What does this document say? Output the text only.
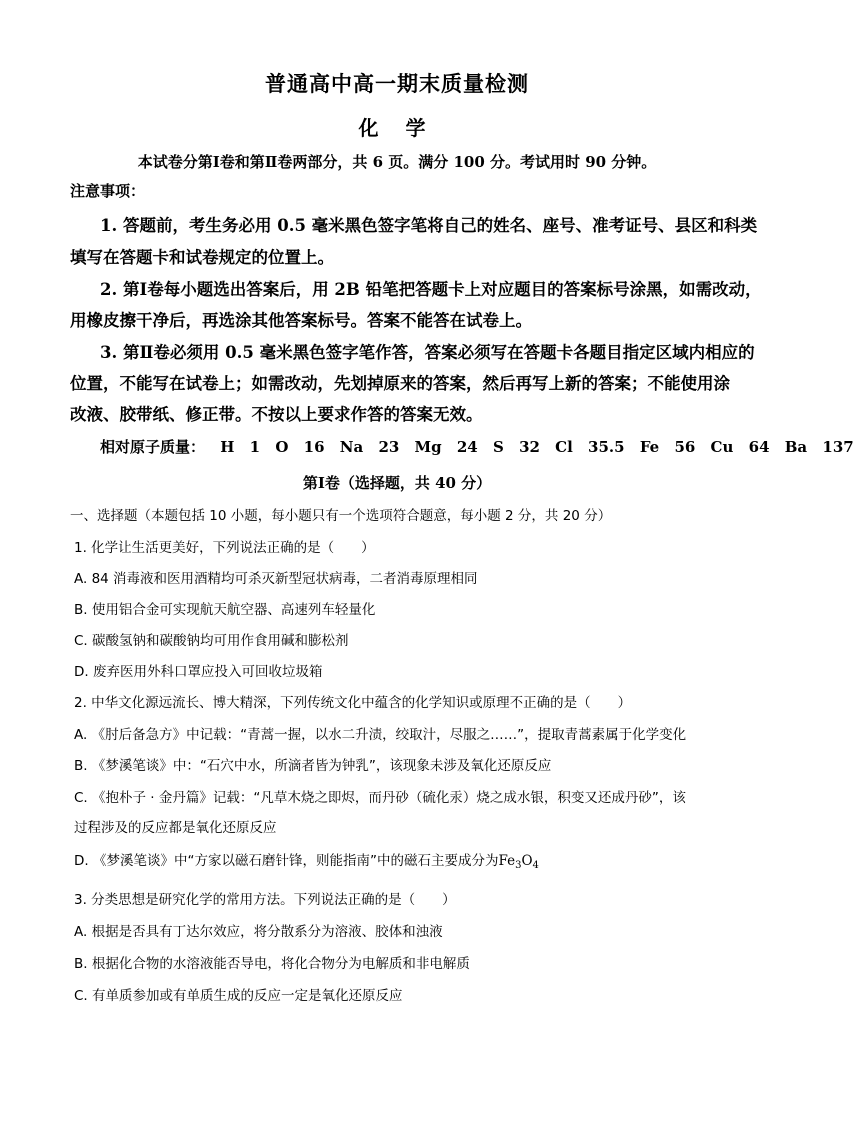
普通高中高一期末质量检测
化 学
本试卷分第Ⅰ卷和第Ⅱ卷两部分，共 6 页。满分 100 分。考试用时 90 分钟。
注意事项：
1. 答题前，考生务必用 0.5 毫米黑色签字笔将自己的姓名、座号、准考证号、县区和科类
填写在答题卡和试卷规定的位置上。
2. 第Ⅰ卷每小题选出答案后，用 2B 铅笔把答题卡上对应题目的答案标号涂黑，如需改动，
用橡皮擦干净后，再选涂其他答案标号。答案不能答在试卷上。
3. 第Ⅱ卷必须用 0.5 毫米黑色签字笔作答，答案必须写在答题卡各题目指定区域内相应的
位置，不能写在试卷上；如需改动，先划掉原来的答案，然后再写上新的答案；不能使用涂
改液、胶带纸、修正带。不按以上要求作答的答案无效。
相对原子质量： H 1 O 16 Na 23 Mg 24 S 32 Cl 35.5 Fe 56 Cu 64 Ba 137
第Ⅰ卷（选择题，共 40 分）
一、选择题（本题包括 10 小题，每小题只有一个选项符合题意，每小题 2 分，共 20 分）
1. 化学让生活更美好，下列说法正确的是（　　）
A. 84 消毒液和医用酒精均可杀灭新型冠状病毒，二者消毒原理相同
B. 使用铝合金可实现航天航空器、高速列车轻量化
C. 碳酸氢钠和碳酸钠均可用作食用碱和膨松剂
D. 废弃医用外科口罩应投入可回收垃圾箱
2. 中华文化源远流长、博大精深，下列传统文化中蕴含的化学知识或原理不正确的是（　　）
A. 《肘后备急方》中记载：“青蒿一握，以水二升渍，绞取汁，尽服之……”，提取青蒿素属于化学变化
B. 《梦溪笔谈》中：“石穴中水，所滴者皆为钟乳”，该现象未涉及氧化还原反应
C. 《抱朴子 · 金丹篇》记载：“凡草木烧之即烬，而丹砂（硫化汞）烧之成水银，积变又还成丹砂”，该
过程涉及的反应都是氧化还原反应
D. 《梦溪笔谈》中“方家以磁石磨针锋，则能指南”中的磁石主要成分为$Fe_3O_4$
3. 分类思想是研究化学的常用方法。下列说法正确的是（　　）
A. 根据是否具有丁达尔效应，将分散系分为溶液、胶体和浊液
B. 根据化合物的水溶液能否导电，将化合物分为电解质和非电解质
C. 有单质参加或有单质生成的反应一定是氧化还原反应
